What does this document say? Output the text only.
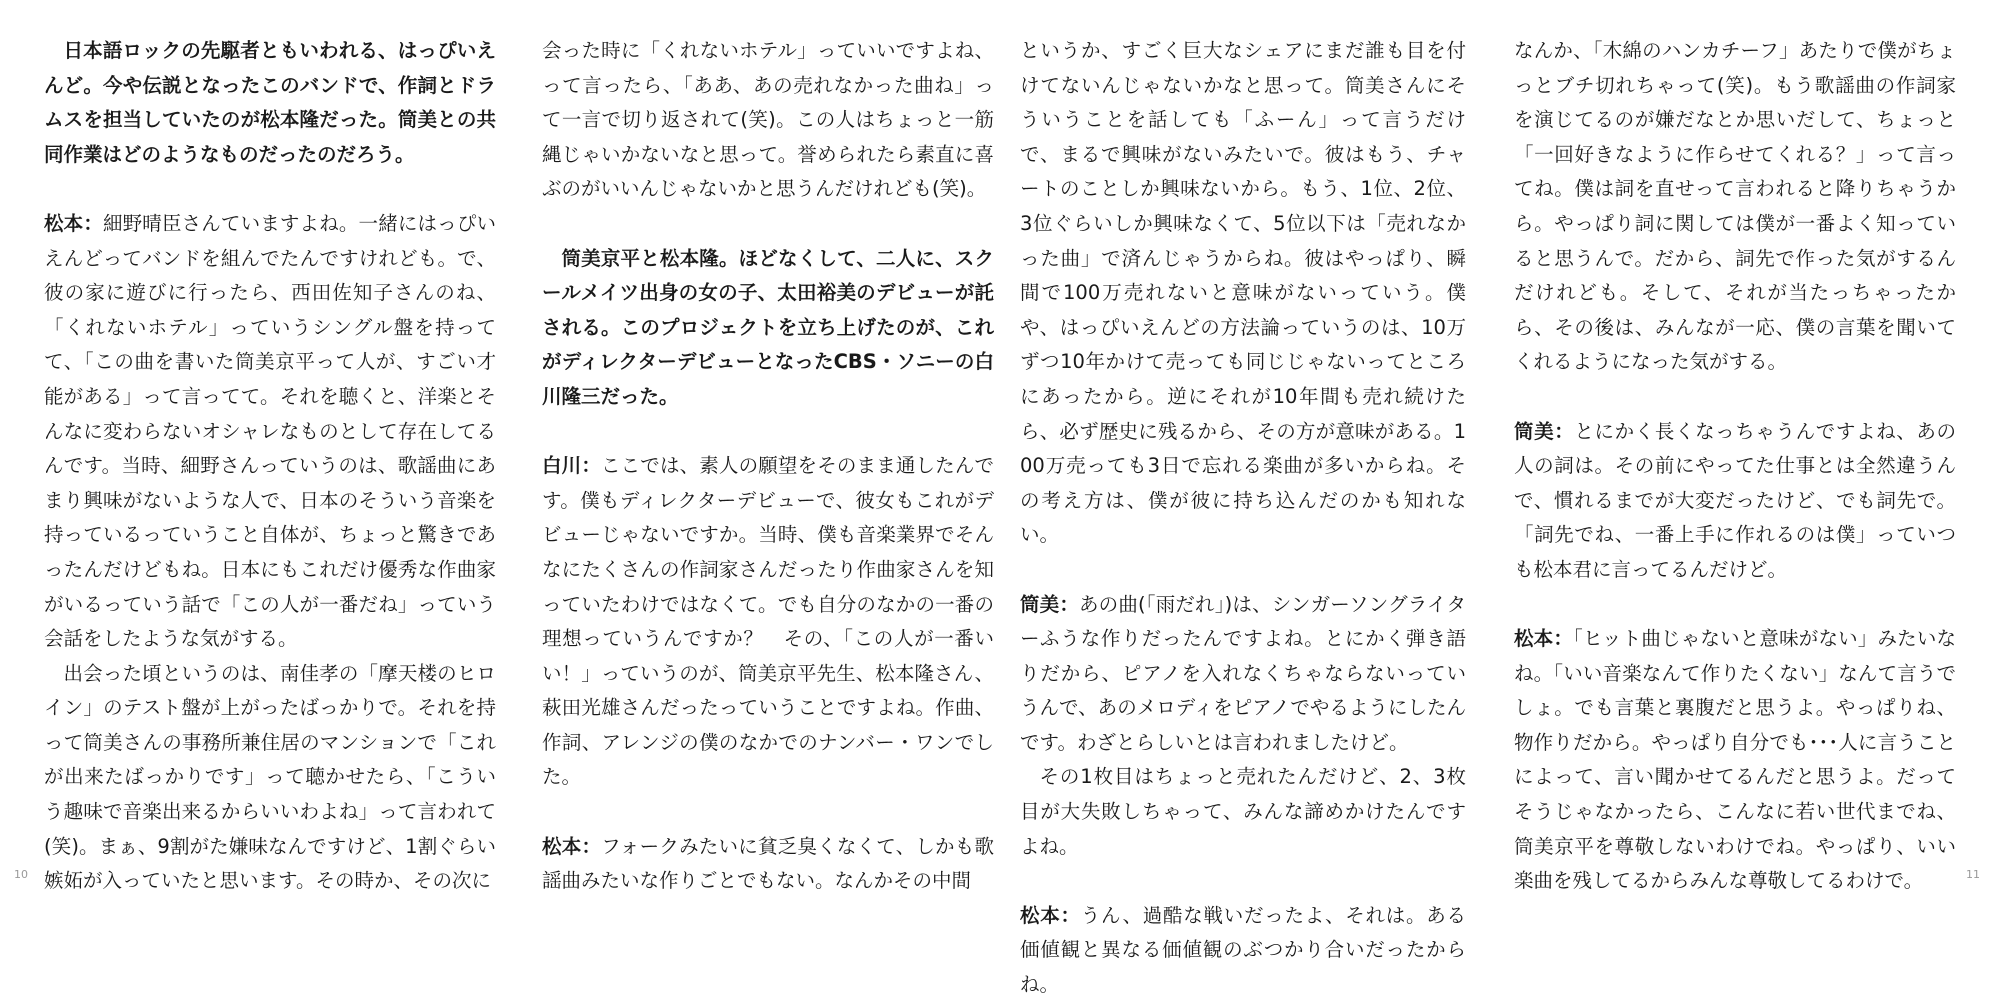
日本語ロックの先駆者ともいわれる、はっぴいえんど。今や伝説となったこのバンドで、作詞とドラムスを担当していたのが松本隆だった。筒美との共同作業はどのようなものだったのだろう。

松本：細野晴臣さんていますよね。一緒にはっぴいえんどってバンドを組んでたんですけれども。で、彼の家に遊びに行ったら、西田佐知子さんのね、「くれないホテル」っていうシングル盤を持ってて、「この曲を書いた筒美京平って人が、すごい才能がある」って言ってて。それを聴くと、洋楽とそんなに変わらないオシャレなものとして存在してるんです。当時、細野さんっていうのは、歌謡曲にあまり興味がないような人で、日本のそういう音楽を持っているっていうこと自体が、ちょっと驚きであったんだけどもね。日本にもこれだけ優秀な作曲家がいるっていう話で「この人が一番だね」っていう会話をしたような気がする。

出会った頃というのは、南佳孝の「摩天楼のヒロイン」のテスト盤が上がったばっかりで。それを持って筒美さんの事務所兼住居のマンションで「これが出来たばっかりです」って聴かせたら、「こういう趣味で音楽出来るからいいわよね」って言われて(笑)。まぁ、9割がた嫌味なんですけど、1割ぐらい嫉妬が入っていたと思います。その時か、その次に

会った時に「くれないホテル」っていいですよね、って言ったら、「ああ、あの売れなかった曲ね」って一言で切り返されて(笑)。この人はちょっと一筋縄じゃいかないなと思って。誉められたら素直に喜ぶのがいいんじゃないかと思うんだけれども(笑)。

筒美京平と松本隆。ほどなくして、二人に、スクールメイツ出身の女の子、太田裕美のデビューが託される。このプロジェクトを立ち上げたのが、これがディレクターデビューとなったCBS・ソニーの白川隆三だった。

白川：ここでは、素人の願望をそのまま通したんです。僕もディレクターデビューで、彼女もこれがデビューじゃないですか。当時、僕も音楽業界でそんなにたくさんの作詞家さんだったり作曲家さんを知っていたわけではなくて。でも自分のなかの一番の理想っていうんですか？　その、「この人が一番いい！」っていうのが、筒美京平先生、松本隆さん、萩田光雄さんだったっていうことですよね。作曲、作詞、アレンジの僕のなかでのナンバー・ワンでした。

松本：フォークみたいに貧乏臭くなくて、しかも歌謡曲みたいな作りごとでもない。なんかその中間

というか、すごく巨大なシェアにまだ誰も目を付けてないんじゃないかなと思って。筒美さんにそういうことを話しても「ふーん」って言うだけで、まるで興味がないみたいで。彼はもう、チャートのことしか興味ないから。もう、1位、2位、3位ぐらいしか興味なくて、5位以下は「売れなかった曲」で済んじゃうからね。彼はやっぱり、瞬間で100万売れないと意味がないっていう。僕や、はっぴいえんどの方法論っていうのは、10万ずつ10年かけて売っても同じじゃないってところにあったから。逆にそれが10年間も売れ続けたら、必ず歴史に残るから、その方が意味がある。100万売っても3日で忘れる楽曲が多いからね。その考え方は、僕が彼に持ち込んだのかも知れない。

筒美：あの曲(「雨だれ」)は、シンガーソングライターふうな作りだったんですよね。とにかく弾き語りだから、ピアノを入れなくちゃならないっていうんで、あのメロディをピアノでやるようにしたんです。わざとらしいとは言われましたけど。

その1枚目はちょっと売れたんだけど、2、3枚目が大失敗しちゃって、みんな諦めかけたんですよね。

松本：うん、過酷な戦いだったよ、それは。ある価値観と異なる価値観のぶつかり合いだったからね。

なんか、「木綿のハンカチーフ」あたりで僕がちょっとブチ切れちゃって(笑)。もう歌謡曲の作詞家を演じてるのが嫌だなとか思いだして、ちょっと「一回好きなように作らせてくれる？」って言ってね。僕は詞を直せって言われると降りちゃうから。やっぱり詞に関しては僕が一番よく知っていると思うんで。だから、詞先で作った気がするんだけれども。そして、それが当たっちゃったから、その後は、みんなが一応、僕の言葉を聞いてくれるようになった気がする。

筒美：とにかく長くなっちゃうんですよね、あの人の詞は。その前にやってた仕事とは全然違うんで、慣れるまでが大変だったけど、でも詞先で。「詞先でね、一番上手に作れるのは僕」っていつも松本君に言ってるんだけど。

松本：「ヒット曲じゃないと意味がない」みたいなね。「いい音楽なんて作りたくない」なんて言うでしょ。でも言葉と裏腹だと思うよ。やっぱりね、物作りだから。やっぱり自分でも･･･人に言うことによって、言い聞かせてるんだと思うよ。だってそうじゃなかったら、こんなに若い世代までね、筒美京平を尊敬しないわけでね。やっぱり、いい楽曲を残してるからみんな尊敬してるわけで。

10	11
